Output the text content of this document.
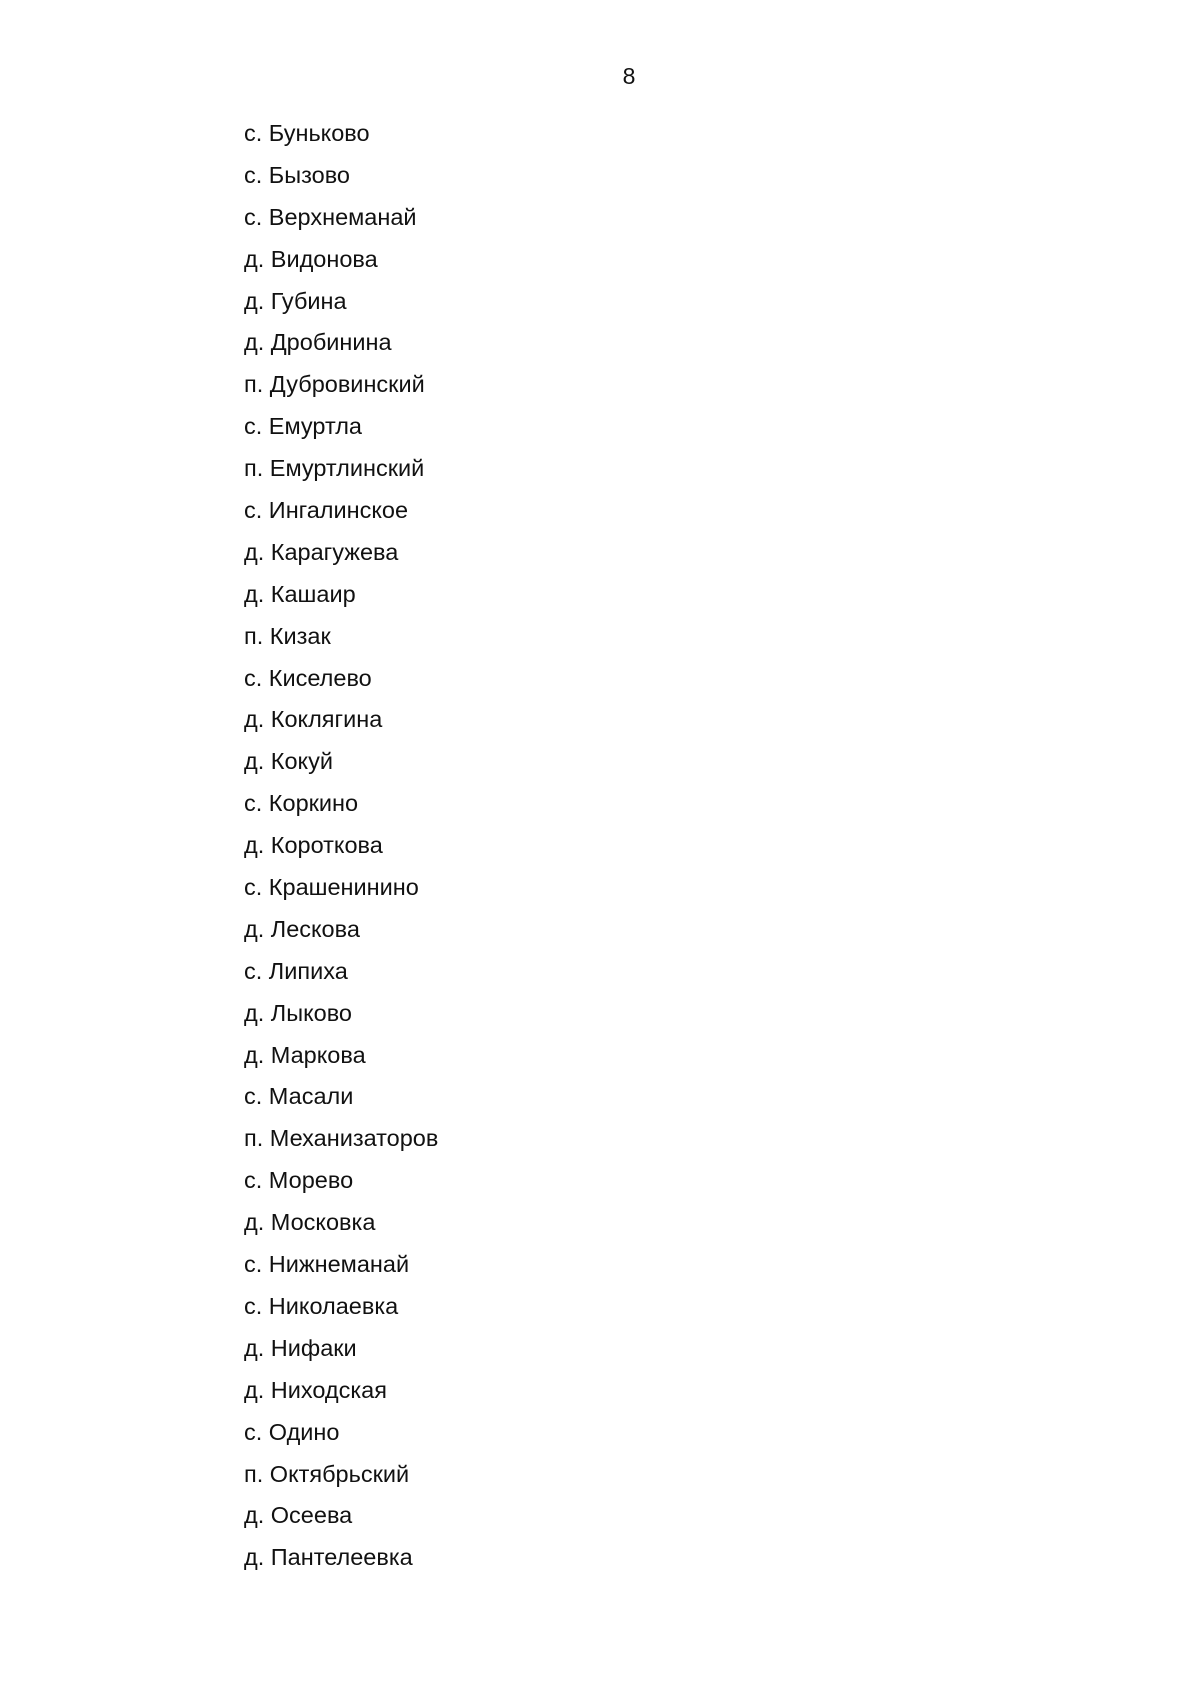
8
с. Буньково
с. Бызово
с. Верхнеманай
д. Видонова
д. Губина
д. Дробинина
п. Дубровинский
с. Емуртла
п. Емуртлинский
с. Ингалинское
д. Карагужева
д. Кашаир
п. Кизак
с. Киселево
д. Коклягина
д. Кокуй
с. Коркино
д. Короткова
с. Крашенинино
д. Лескова
с. Липиха
д. Лыково
д. Маркова
с. Масали
п. Механизаторов
с. Морево
д. Московка
с. Нижнеманай
с. Николаевка
д. Нифаки
д. Ниходская
с. Одино
п. Октябрьский
д. Осеева
д. Пантелеевка
